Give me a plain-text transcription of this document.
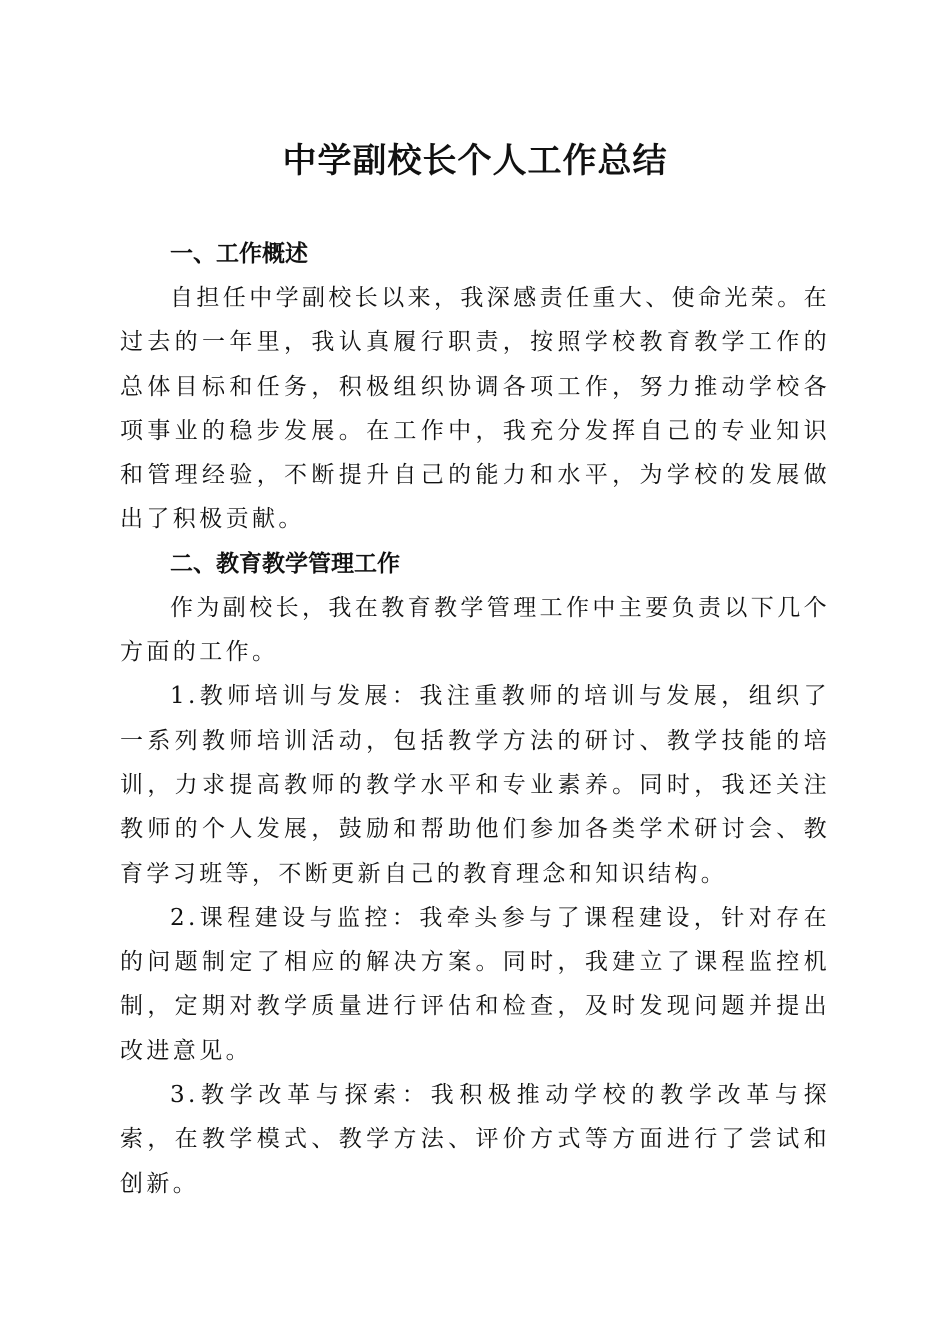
中学副校长个人工作总结
一、工作概述

自担任中学副校长以来，我深感责任重大、使命光荣。在过去的一年里，我认真履行职责，按照学校教育教学工作的总体目标和任务，积极组织协调各项工作，努力推动学校各项事业的稳步发展。在工作中，我充分发挥自己的专业知识和管理经验，不断提升自己的能力和水平，为学校的发展做出了积极贡献。

二、教育教学管理工作

作为副校长，我在教育教学管理工作中主要负责以下几个方面的工作。

1.教师培训与发展：我注重教师的培训与发展，组织了一系列教师培训活动，包括教学方法的研讨、教学技能的培训，力求提高教师的教学水平和专业素养。同时，我还关注教师的个人发展，鼓励和帮助他们参加各类学术研讨会、教育学习班等，不断更新自己的教育理念和知识结构。

2.课程建设与监控：我牵头参与了课程建设，针对存在的问题制定了相应的解决方案。同时，我建立了课程监控机制，定期对教学质量进行评估和检查，及时发现问题并提出改进意见。

3.教学改革与探索：我积极推动学校的教学改革与探索，在教学模式、教学方法、评价方式等方面进行了尝试和创新。
